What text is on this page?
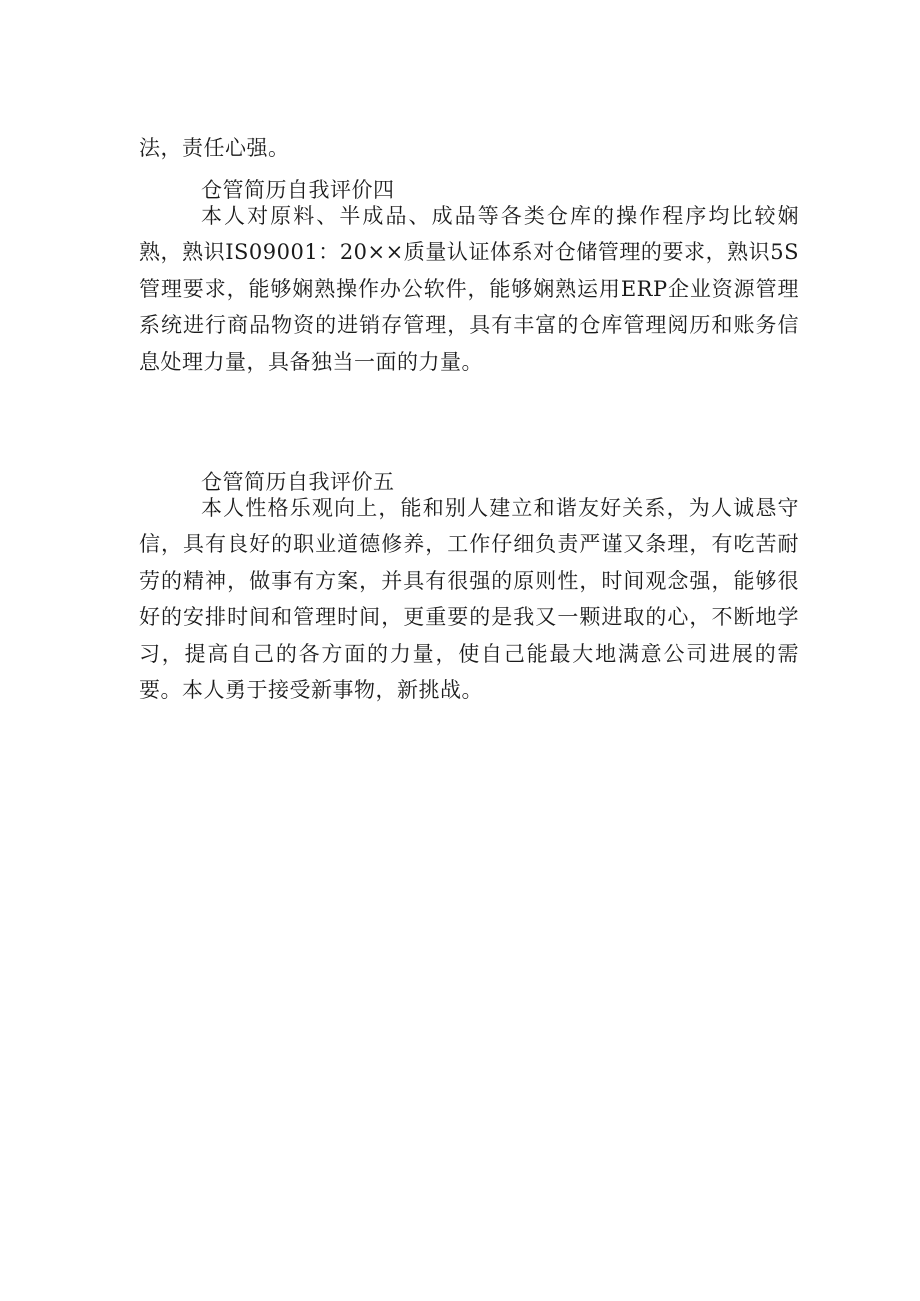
法，责任心强。

仓管简历自我评价四

本人对原料、半成品、成品等各类仓库的操作程序均比较娴熟，熟识IS09001：20××质量认证体系对仓储管理的要求，熟识5S管理要求，能够娴熟操作办公软件，能够娴熟运用ERP企业资源管理系统进行商品物资的进销存管理，具有丰富的仓库管理阅历和账务信息处理力量，具备独当一面的力量。

仓管简历自我评价五

本人性格乐观向上，能和别人建立和谐友好关系，为人诚恳守信，具有良好的职业道德修养，工作仔细负责严谨又条理，有吃苦耐劳的精神，做事有方案，并具有很强的原则性，时间观念强，能够很好的安排时间和管理时间，更重要的是我又一颗进取的心，不断地学习，提高自己的各方面的力量，使自己能最大地满意公司进展的需要。本人勇于接受新事物，新挑战。
